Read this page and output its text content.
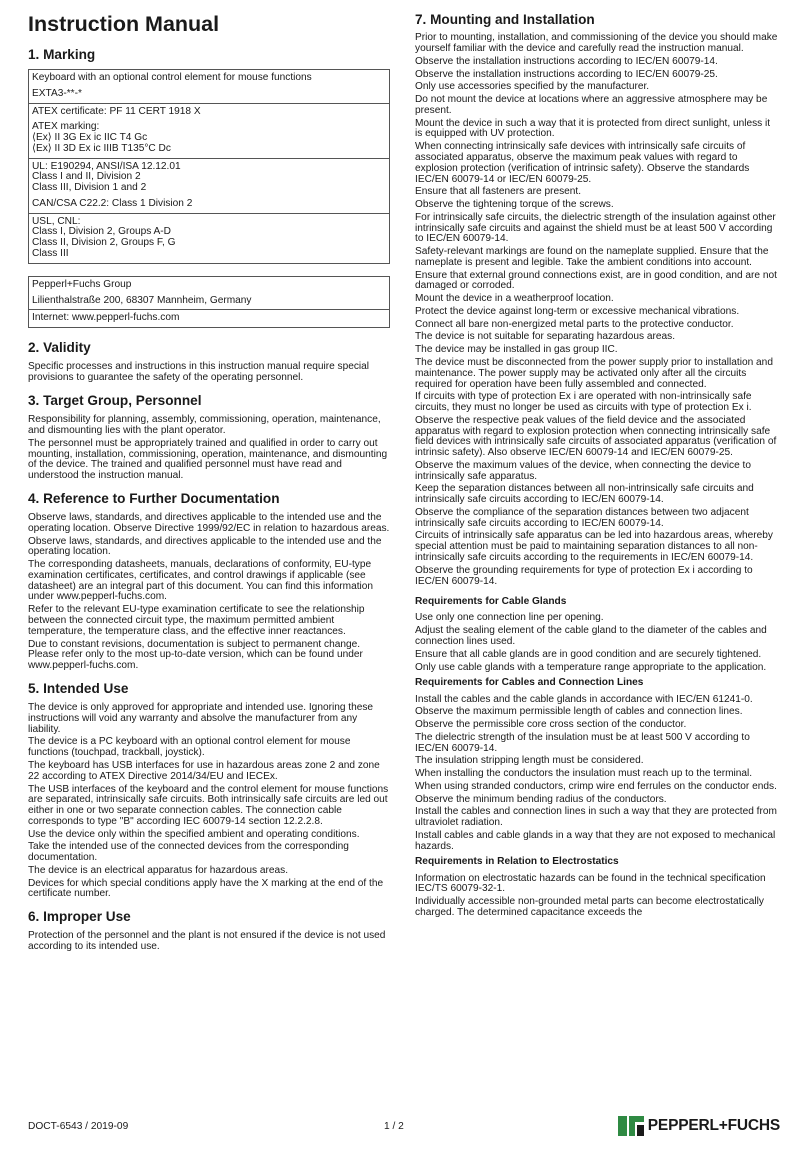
Instruction Manual
1. Marking
Keyboard with an optional control element for mouse functions
EXTA3-**-*
ATEX certificate: PF 11 CERT 1918 X
ATEX marking:
⟨Ex⟩ II 3G Ex ic IIC T4 Gc
⟨Ex⟩ II 3D Ex ic IIIB T135°C Dc
UL: E190294, ANSI/ISA 12.12.01
Class I and II, Division 2
Class III, Division 1 and 2
CAN/CSA C22.2: Class 1 Division 2
USL, CNL:
Class I, Division 2, Groups A-D
Class II, Division 2, Groups F, G
Class III
Pepperl+Fuchs Group
Lilienthalstraße 200, 68307 Mannheim, Germany
Internet: www.pepperl-fuchs.com
2. Validity

Specific processes and instructions in this instruction manual require special provisions to guarantee the safety of the operating personnel.

3. Target Group, Personnel

Responsibility for planning, assembly, commissioning, operation, maintenance, and dismounting lies with the plant operator.

The personnel must be appropriately trained and qualified in order to carry out mounting, installation, commissioning, operation, maintenance, and dismounting of the device. The trained and qualified personnel must have read and understood the instruction manual.

4. Reference to Further Documentation

Observe laws, standards, and directives applicable to the intended use and the operating location. Observe Directive 1999/92/EC in relation to hazardous areas.

Observe laws, standards, and directives applicable to the intended use and the operating location.

The corresponding datasheets, manuals, declarations of conformity, EU-type examination certificates, certificates, and control drawings if applicable (see datasheet) are an integral part of this document. You can find this information under www.pepperl-fuchs.com.

Refer to the relevant EU-type examination certificate to see the relationship between the connected circuit type, the maximum permitted ambient temperature, the temperature class, and the effective inner reactances.

Due to constant revisions, documentation is subject to permanent change. Please refer only to the most up-to-date version, which can be found under www.pepperl-fuchs.com.

5. Intended Use

The device is only approved for appropriate and intended use. Ignoring these instructions will void any warranty and absolve the manufacturer from any liability.

The device is a PC keyboard with an optional control element for mouse functions (touchpad, trackball, joystick).

The keyboard has USB interfaces for use in hazardous areas zone 2 and zone 22 according to ATEX Directive 2014/34/EU and IECEx.

The USB interfaces of the keyboard and the control element for mouse functions are separated, intrinsically safe circuits. Both intrinsically safe circuits are led out either in one or two separate connection cables. The connection cable corresponds to type "B" according IEC 60079-14 section 12.2.2.8.

Use the device only within the specified ambient and operating conditions.

Take the intended use of the connected devices from the corresponding documentation.

The device is an electrical apparatus for hazardous areas.

Devices for which special conditions apply have the X marking at the end of the certificate number.

6. Improper Use

Protection of the personnel and the plant is not ensured if the device is not used according to its intended use.

7. Mounting and Installation

Prior to mounting, installation, and commissioning of the device you should make yourself familiar with the device and carefully read the instruction manual.

Observe the installation instructions according to IEC/EN 60079-14.

Observe the installation instructions according to IEC/EN 60079-25.

Only use accessories specified by the manufacturer.

Do not mount the device at locations where an aggressive atmosphere may be present.

Mount the device in such a way that it is protected from direct sunlight, unless it is equipped with UV protection.

When connecting intrinsically safe devices with intrinsically safe circuits of associated apparatus, observe the maximum peak values with regard to explosion protection (verification of intrinsic safety). Observe the standards IEC/EN 60079-14 or IEC/EN 60079-25.

Ensure that all fasteners are present.

Observe the tightening torque of the screws.

For intrinsically safe circuits, the dielectric strength of the insulation against other intrinsically safe circuits and against the shield must be at least 500 V according to IEC/EN 60079-14.

Safety-relevant markings are found on the nameplate supplied. Ensure that the nameplate is present and legible. Take the ambient conditions into account.

Ensure that external ground connections exist, are in good condition, and are not damaged or corroded.

Mount the device in a weatherproof location.

Protect the device against long-term or excessive mechanical vibrations.

Connect all bare non-energized metal parts to the protective conductor.

The device is not suitable for separating hazardous areas.

The device may be installed in gas group IIC.

The device must be disconnected from the power supply prior to installation and maintenance. The power supply may be activated only after all the circuits required for operation have been fully assembled and connected.

If circuits with type of protection Ex i are operated with non-intrinsically safe circuits, they must no longer be used as circuits with type of protection Ex i.

Observe the respective peak values of the field device and the associated apparatus with regard to explosion protection when connecting intrinsically safe field devices with intrinsically safe circuits of associated apparatus (verification of intrinsic safety). Also observe IEC/EN 60079-14 and IEC/EN 60079-25.

Observe the maximum values of the device, when connecting the device to intrinsically safe apparatus.

Keep the separation distances between all non-intrinsically safe circuits and intrinsically safe circuits according to IEC/EN 60079-14.

Observe the compliance of the separation distances between two adjacent intrinsically safe circuits according to IEC/EN 60079-14.

Circuits of intrinsically safe apparatus can be led into hazardous areas, whereby special attention must be paid to maintaining separation distances to all non-intrinsically safe circuits according to the requirements in IEC/EN 60079-14.

Observe the grounding requirements for type of protection Ex i according to IEC/EN 60079-14.

Requirements for Cable Glands

Use only one connection line per opening.

Adjust the sealing element of the cable gland to the diameter of the cables and connection lines used.

Ensure that all cable glands are in good condition and are securely tightened.

Only use cable glands with a temperature range appropriate to the application.

Requirements for Cables and Connection Lines

Install the cables and the cable glands in accordance with IEC/EN 61241-0.

Observe the maximum permissible length of cables and connection lines.

Observe the permissible core cross section of the conductor.

The dielectric strength of the insulation must be at least 500 V according to IEC/EN 60079-14.

The insulation stripping length must be considered.

When installing the conductors the insulation must reach up to the terminal.

When using stranded conductors, crimp wire end ferrules on the conductor ends.

Observe the minimum bending radius of the conductors.

Install the cables and connection lines in such a way that they are protected from ultraviolet radiation.

Install cables and cable glands in a way that they are not exposed to mechanical hazards.

Requirements in Relation to Electrostatics

Information on electrostatic hazards can be found in the technical specification IEC/TS 60079-32-1.

Individually accessible non-grounded metal parts can become electrostatically charged. The determined capacitance exceeds the

DOCT-6543 / 2019-09	1 / 2	PEPPERL+FUCHS
